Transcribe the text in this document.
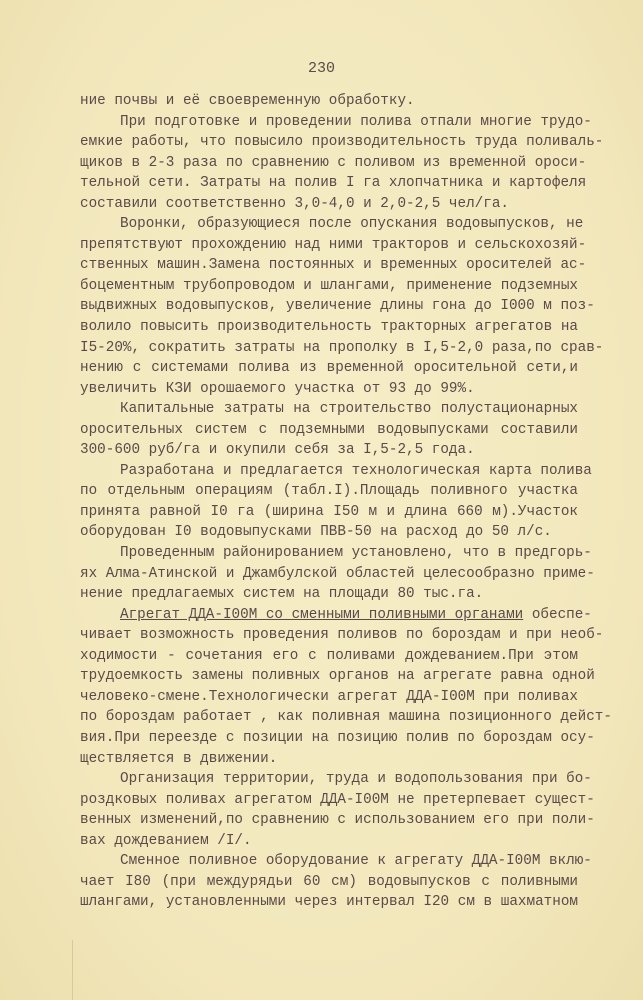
230
ние почвы и её своевременную обработку.
При подготовке и проведении полива отпали многие трудо-
емкие работы, что повысило производительность труда поливаль-
щиков в 2-3 раза по сравнению с поливом из временной ороси-
тельной сети. Затраты на полив I га хлопчатника и картофеля
составили соответственно 3,0-4,0 и 2,0-2,5 чел/га.
Воронки, образующиеся после опускания водовыпусков, не
препятствуют прохождению над ними тракторов и сельскохозяй-
ственных машин.Замена постоянных и временных оросителей ас-
боцементным трубопроводом и шлангами, применение подземных
выдвижных водовыпусков, увеличение длины гона до I000 м поз-
волило повысить производительность тракторных агрегатов на
I5-20%, сократить затраты на прополку в I,5-2,0 раза,по срав-
нению с системами полива из временной оросительной сети,и
увеличить КЗИ орошаемого участка от 93 до 99%.
Капитальные затраты на строительство полустационарных
оросительных систем с подземными водовыпусками составили
300-600 руб/га и окупили себя за I,5-2,5 года.
Разработана и предлагается технологическая карта полива
по отдельным операциям (табл.I).Площадь поливного участка
принята равной I0 га (ширина I50 м и длина 660 м).Участок
оборудован I0 водовыпусками ПВВ-50 на расход до 50 л/с.
Проведенным районированием установлено, что в предгорь-
ях Алма-Атинской и Джамбулской областей целесообразно приме-
нение предлагаемых систем на площади 80 тыс.га.
Агрегат ДДА-I00М со сменными поливными органами обеспе-
чивает возможность проведения поливов по бороздам и при необ-
ходимости - сочетания его с поливами дождеванием.При этом
трудоемкость замены поливных органов на агрегате равна одной
человеко-смене.Технологически агрегат ДДА-I00М при поливах
по бороздам работает , как поливная машина позиционного дейст-
вия.При переезде с позиции на позицию полив по бороздам осу-
ществляется в движении.
Организация территории, труда и водопользования при бо-
роздковых поливах агрегатом ДДА-I00М не претерпевает сущест-
венных изменений,по сравнению с использованием его при поли-
вах дождеванием /I/.
Сменное поливное оборудование к агрегату ДДА-I00М вклю-
чает I80 (при междурядьи 60 см) водовыпусков с поливными
шлангами, установленными через интервал I20 см в шахматном
